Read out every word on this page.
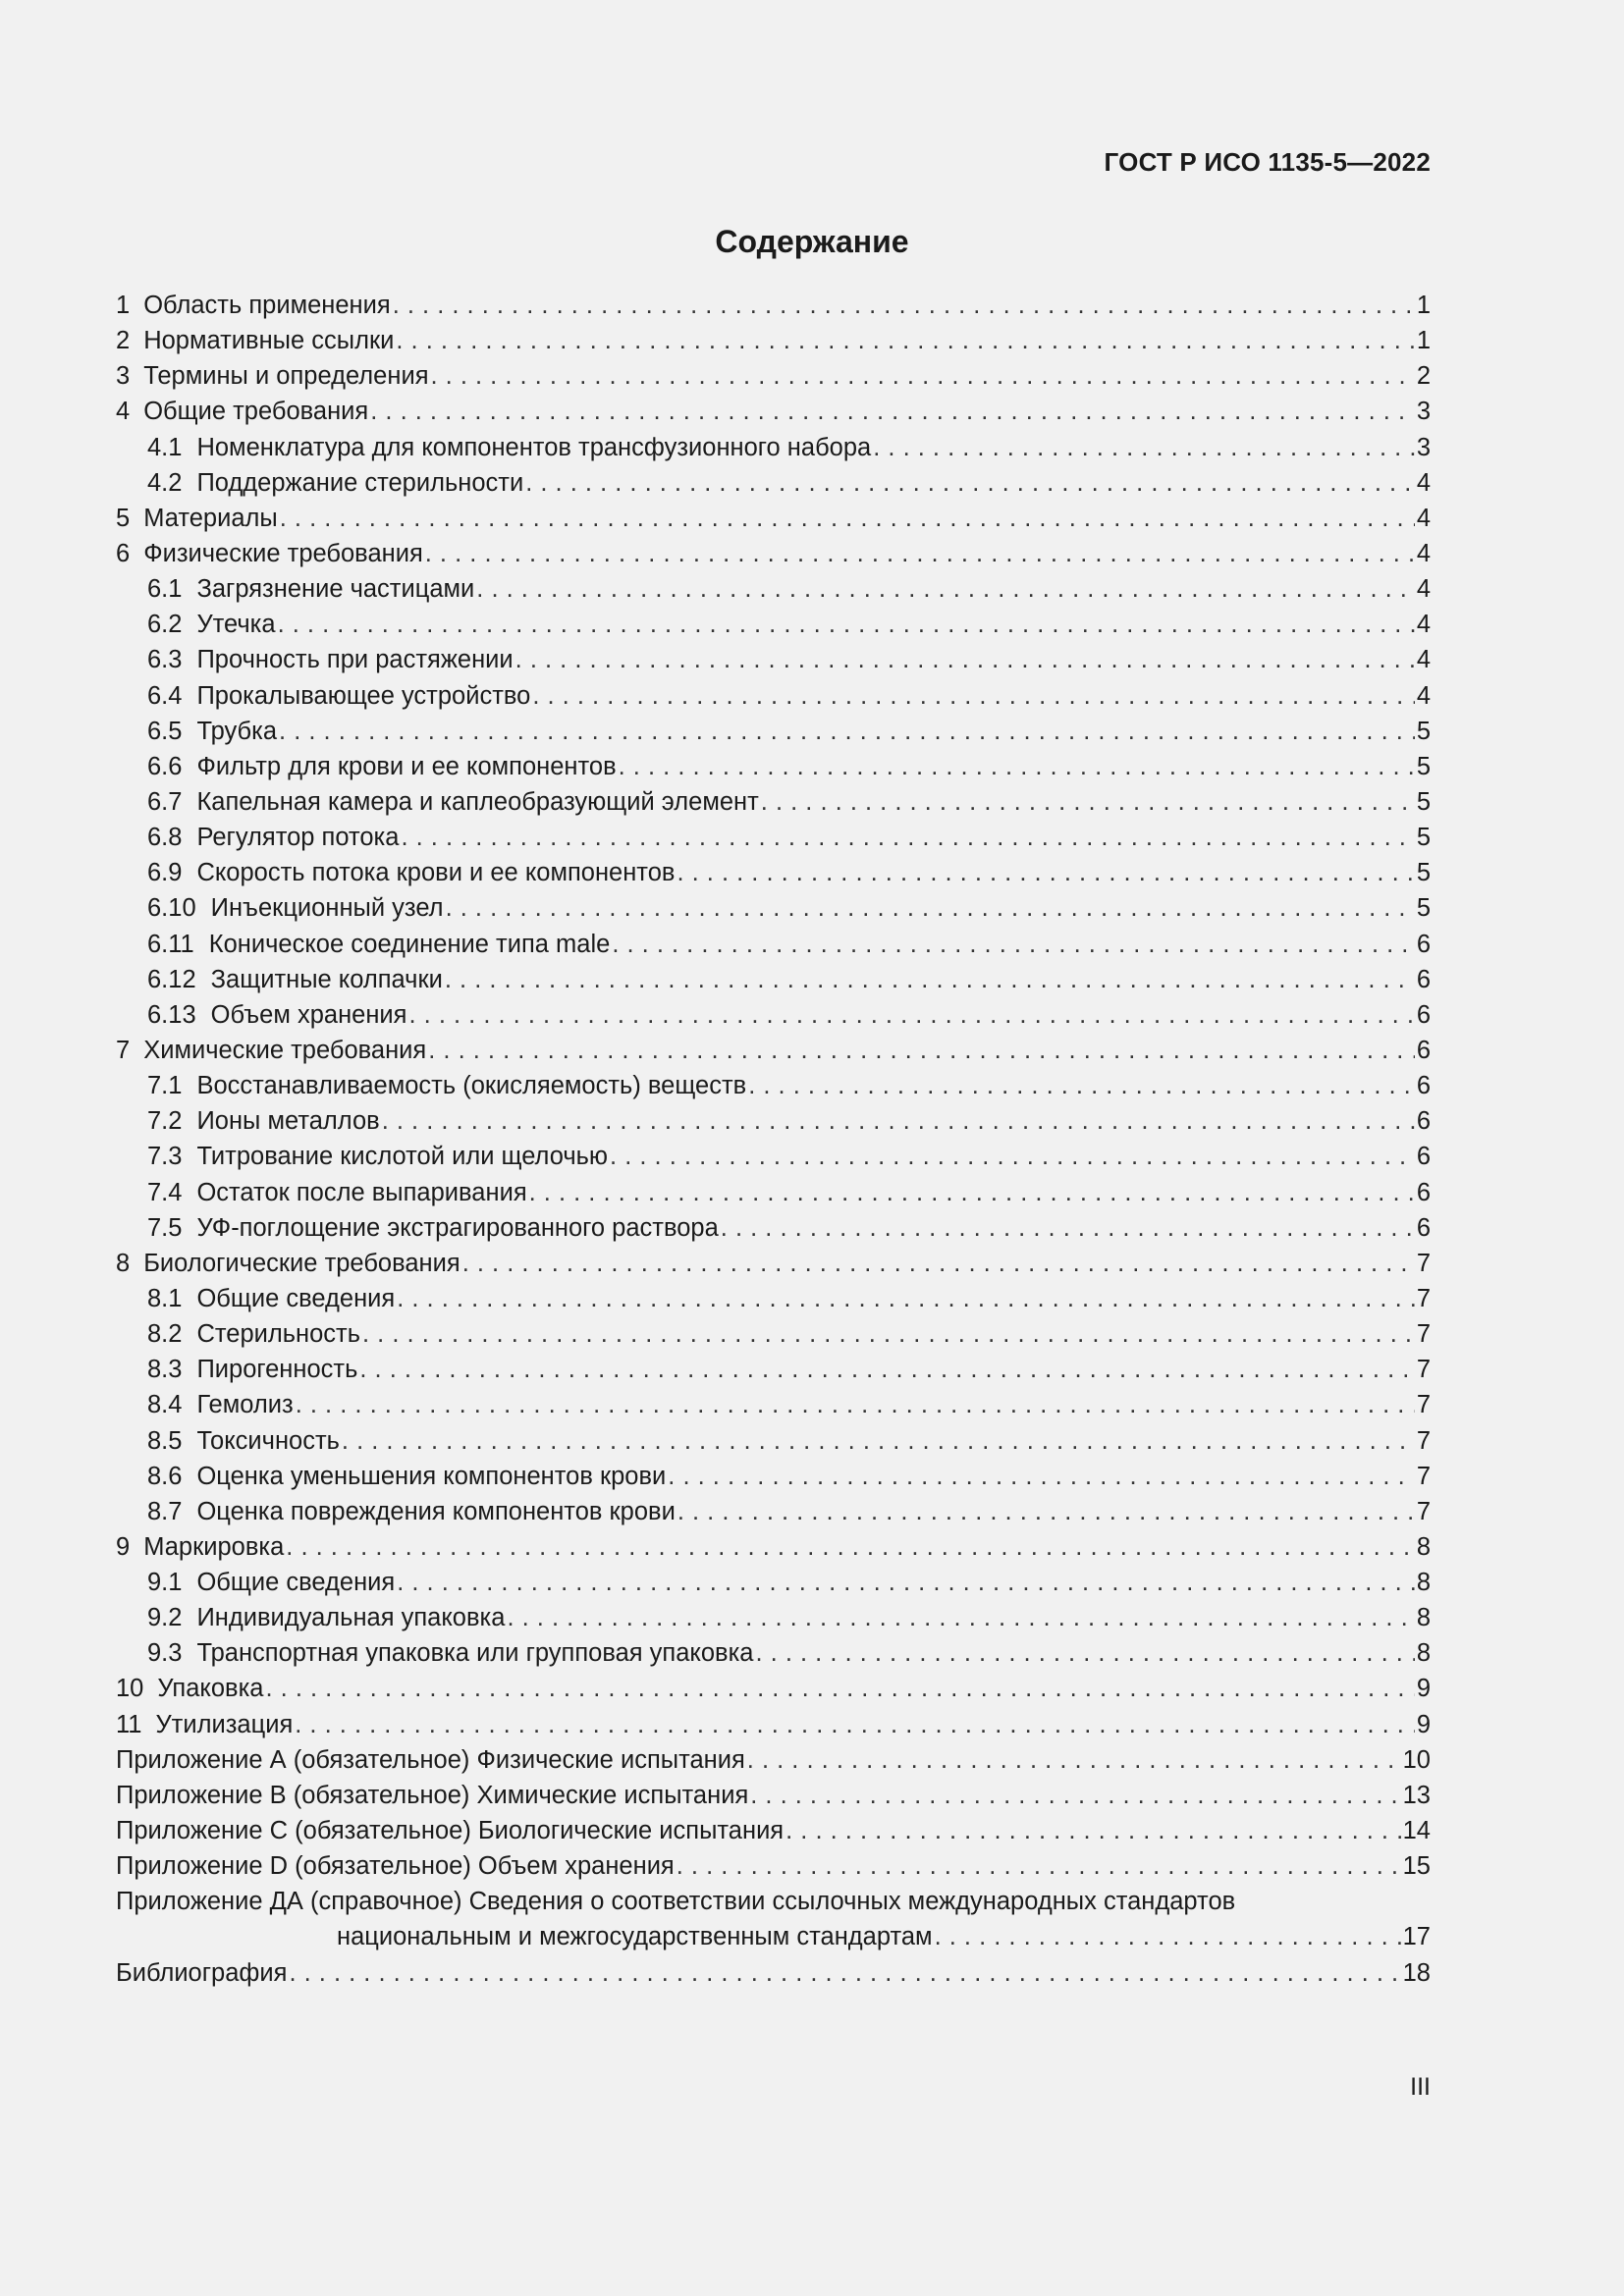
ГОСТ Р ИСО 1135-5—2022
Содержание
1 Область применения . . .	1
2 Нормативные ссылки . . .	1
3 Термины и определения . . .	2
4 Общие требования . . .	3
4.1 Номенклатура для компонентов трансфузионного набора . . .	3
4.2 Поддержание стерильности . . .	4
5 Материалы . . .	4
6 Физические требования . . .	4
6.1 Загрязнение частицами . . .	4
6.2 Утечка . . .	4
6.3 Прочность при растяжении . . .	4
6.4 Прокалывающее устройство . . .	4
6.5 Трубка . . .	5
6.6 Фильтр для крови и ее компонентов . . .	5
6.7 Капельная камера и каплеобразующий элемент . . .	5
6.8 Регулятор потока . . .	5
6.9 Скорость потока крови и ее компонентов . . .	5
6.10 Инъекционный узел . . .	5
6.11 Коническое соединение типа male . . .	6
6.12 Защитные колпачки . . .	6
6.13 Объем хранения . . .	6
7 Химические требования . . .	6
7.1 Восстанавливаемость (окисляемость) веществ . . .	6
7.2 Ионы металлов . . .	6
7.3 Титрование кислотой или щелочью . . .	6
7.4 Остаток после выпаривания . . .	6
7.5 УФ-поглощение экстрагированного раствора . . .	6
8 Биологические требования . . .	7
8.1 Общие сведения . . .	7
8.2 Стерильность . . .	7
8.3 Пирогенность . . .	7
8.4 Гемолиз . . .	7
8.5 Токсичность . . .	7
8.6 Оценка уменьшения компонентов крови . . .	7
8.7 Оценка повреждения компонентов крови . . .	7
9 Маркировка . . .	8
9.1 Общие сведения . . .	8
9.2 Индивидуальная упаковка . . .	8
9.3 Транспортная упаковка или групповая упаковка . . .	8
10 Упаковка . . .	9
11 Утилизация . . .	9
Приложение А (обязательное) Физические испытания . . .	10
Приложение В (обязательное) Химические испытания . . .	13
Приложение С (обязательное) Биологические испытания . . .	14
Приложение D (обязательное) Объем хранения . . .	15
Приложение ДА (справочное) Сведения о соответствии ссылочных международных стандартов
национальным и межгосударственным стандартам . . .	17
Библиография . . .	18
III
